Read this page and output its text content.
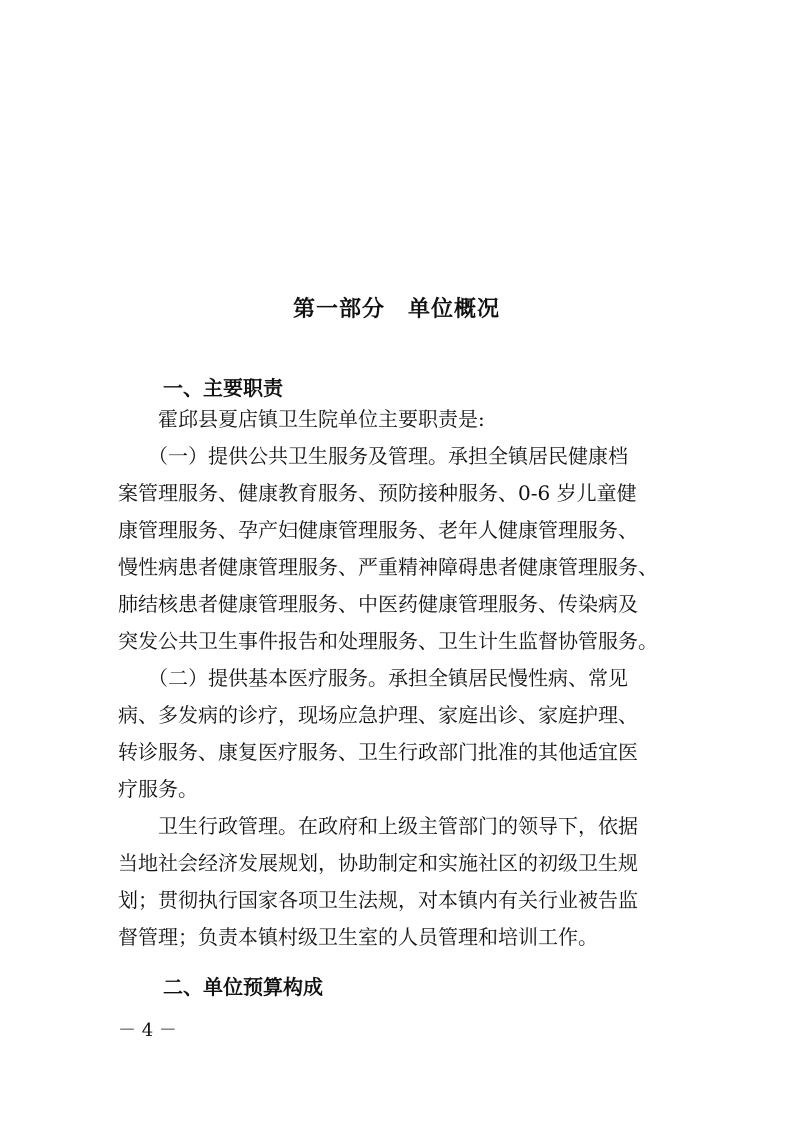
第一部分　单位概况
一、主要职责
　　霍邱县夏店镇卫生院单位主要职责是:
　　（一）提供公共卫生服务及管理。承担全镇居民健康档
案管理服务、健康教育服务、预防接种服务、0-6 岁儿童健
康管理服务、孕产妇健康管理服务、老年人健康管理服务、
慢性病患者健康管理服务、严重精神障碍患者健康管理服务、
肺结核患者健康管理服务、中医药健康管理服务、传染病及
突发公共卫生事件报告和处理服务、卫生计生监督协管服务。
　　（二）提供基本医疗服务。承担全镇居民慢性病、常见
病、多发病的诊疗，现场应急护理、家庭出诊、家庭护理、
转诊服务、康复医疗服务、卫生行政部门批准的其他适宜医
疗服务。
　　卫生行政管理。在政府和上级主管部门的领导下，依据
当地社会经济发展规划，协助制定和实施社区的初级卫生规
划；贯彻执行国家各项卫生法规，对本镇内有关行业被告监
督管理；负责本镇村级卫生室的人员管理和培训工作。
二、单位预算构成
－ 4 －
